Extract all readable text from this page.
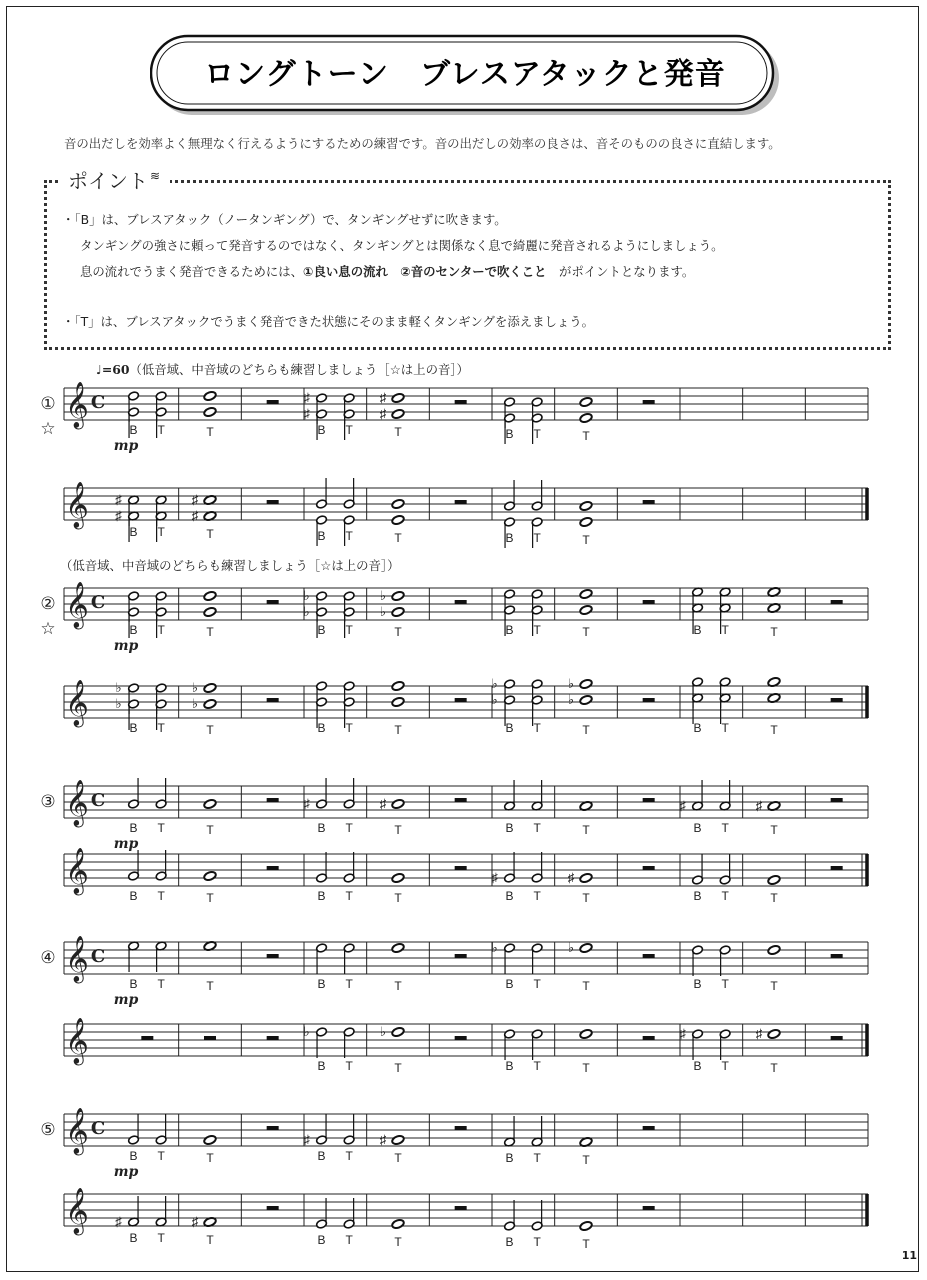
ロングトーン　ブレスアタックと発音
音の出だしを効率よく無理なく行えるようにするための練習です。音の出だしの効率の良さは、音そのものの良さに直結します。
ポイント ≋
・「B」は、ブレスアタック（ノータンギング）で、タンギングせずに吹きます。
タンギングの強さに頼って発音するのではなく、タンギングとは関係なく息で綺麗に発音されるようにしましょう。
息の流れでうまく発音できるためには、①良い息の流れ　 ②音のセンターで吹くこと　 がポイントとなります。
・「T」は、ブレスアタックでうまく発音できた状態にそのまま軽くタンギングを添えましょう。
♩=60（低音域、中音域のどちらも練習しましょう［☆は上の音］）
（低音域、中音域のどちらも練習しましょう［☆は上の音］）
𝄞 C
①
☆	B T	T
♯	♯
♯	♯
B T	T	B T	T
mp
𝄞 ♯	♯
♯	♯
B T	T	B T	T	B T	T
𝄞 C
②
☆	B T	T
♭	♭
♭	♭
B T	T	B T	T	B T	T
mp
𝄞 ♭	♭
♭	♭
B T	T	B T	T
♭	♭
♭	♭
B T	T	B T	T
𝄞 C
③
B T	T
♯	♯
B T	T	B T	T
♯	♯
B T	T
mp
𝄞
B T	T	B T	T
♯	♯
B T	T	B T	T
𝄞 C
④
B T	T	B T	T
♭	♭
B T	T	B T	T
mp
𝄞	♭	♭
B T	T	B T	T
♯	♯
B T	T
𝄞 C
⑤
B T	T
♯	♯
B T	T	B T	T
mp
𝄞 ♯	♯
B T	T	B T	T	B T	T
11
